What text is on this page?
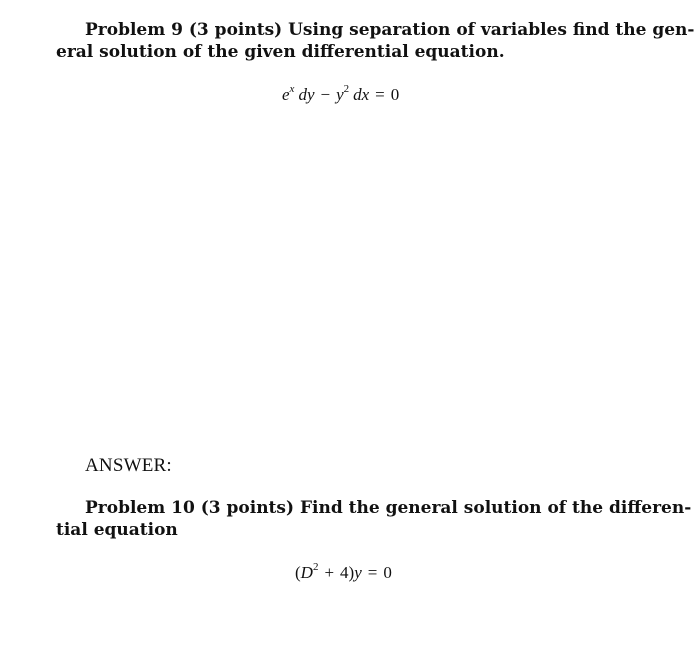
Problem 9 (3 points) Using separation of variables find the gen-
eral solution of the given differential equation.
$e^x$ dy − $y^2$ dx = 0
ANSWER:
Problem 10 (3 points) Find the general solution of the differen-
tial equation
$(D^2 + 4)y = 0$
